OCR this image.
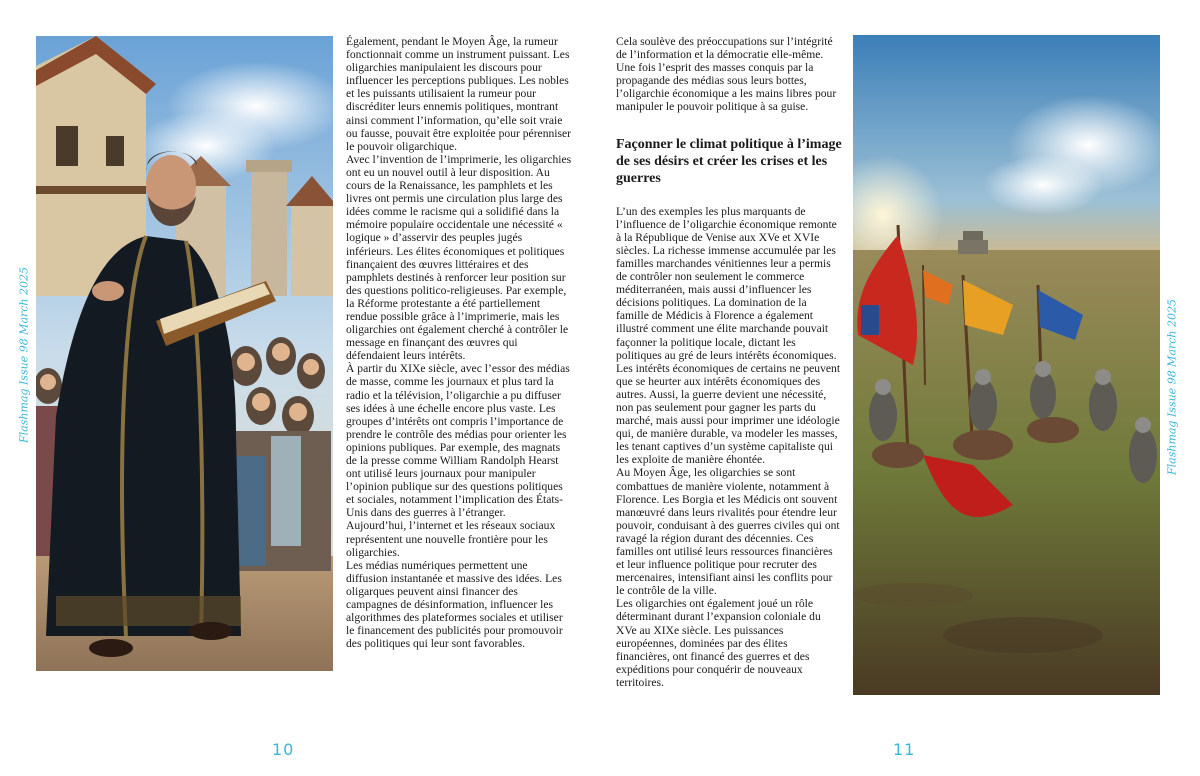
Flashmag Issue 98 March 2025

Également, pendant le Moyen Âge, la rumeur fonctionnait comme un instrument puissant. Les oligarchies manipulaient les discours pour influencer les perceptions publiques. Les nobles et les puissants utilisaient la rumeur pour discréditer leurs ennemis politiques, montrant ainsi comment l’information, qu’elle soit vraie ou fausse, pouvait être exploitée pour pérenniser le pouvoir oligarchique.

Avec l’invention de l’imprimerie, les oligarchies ont eu un nouvel outil à leur disposition. Au cours de la Renaissance, les pamphlets et les livres ont permis une circulation plus large des idées comme le racisme qui a solidifié dans la mémoire populaire occidentale une nécessité « logique » d’asservir des peuples jugés inférieurs. Les élites économiques et politiques finançaient des œuvres littéraires et des pamphlets destinés à renforcer leur position sur des questions politico-religieuses. Par exemple, la Réforme protestante a été partiellement rendue possible grâce à l’imprimerie, mais les oligarchies ont également cherché à contrôler le message en finançant des œuvres qui défendaient leurs intérêts.

À partir du XIXe siècle, avec l’essor des médias de masse, comme les journaux et plus tard la radio et la télévision, l’oligarchie a pu diffuser ses idées à une échelle encore plus vaste. Les groupes d’intérêts ont compris l’importance de prendre le contrôle des médias pour orienter les opinions publiques. Par exemple, des magnats de la presse comme William Randolph Hearst ont utilisé leurs journaux pour manipuler l’opinion publique sur des questions politiques et sociales, notamment l’implication des États-Unis dans des guerres à l’étranger.

Aujourd’hui, l’internet et les réseaux sociaux représentent une nouvelle frontière pour les oligarchies.

Les médias numériques permettent une diffusion instantanée et massive des idées. Les oligarques peuvent ainsi financer des campagnes de désinformation, influencer les algorithmes des plateformes sociales et utiliser le financement des publicités pour promouvoir des politiques qui leur sont favorables.

10

Cela soulève des préoccupations sur l’intégrité de l’information et la démocratie elle-même. Une fois l’esprit des masses conquis par la propagande des médias sous leurs bottes, l’oligarchie économique a les mains libres pour manipuler le pouvoir politique à sa guise.

Façonner le climat politique à l’image de ses désirs et créer les crises et les guerres

L’un des exemples les plus marquants de l’influence de l’oligarchie économique remonte à la République de Venise aux XVe et XVIe siècles. La richesse immense accumulée par les familles marchandes vénitiennes leur a permis de contrôler non seulement le commerce méditerranéen, mais aussi d’influencer les décisions politiques. La domination de la famille de Médicis à Florence a également illustré comment une élite marchande pouvait façonner la politique locale, dictant les politiques au gré de leurs intérêts économiques.

Les intérêts économiques de certains ne peuvent que se heurter aux intérêts économiques des autres. Aussi, la guerre devient une nécessité, non pas seulement pour gagner les parts du marché, mais aussi pour imprimer une idéologie qui, de manière durable, va modeler les masses, les tenant captives d’un système capitaliste qui les exploite de manière éhontée.

Au Moyen Âge, les oligarchies se sont combattues de manière violente, notamment à Florence. Les Borgia et les Médicis ont souvent manœuvré dans leurs rivalités pour étendre leur pouvoir, conduisant à des guerres civiles qui ont ravagé la région durant des décennies. Ces familles ont utilisé leurs ressources financières et leur influence politique pour recruter des mercenaires, intensifiant ainsi les conflits pour le contrôle de la ville.

Les oligarchies ont également joué un rôle déterminant durant l’expansion coloniale du XVe au XIXe siècle. Les puissances européennes, dominées par des élites financières, ont financé des guerres et des expéditions pour conquérir de nouveaux territoires.

11
Flashmag Issue 98 March 2025
